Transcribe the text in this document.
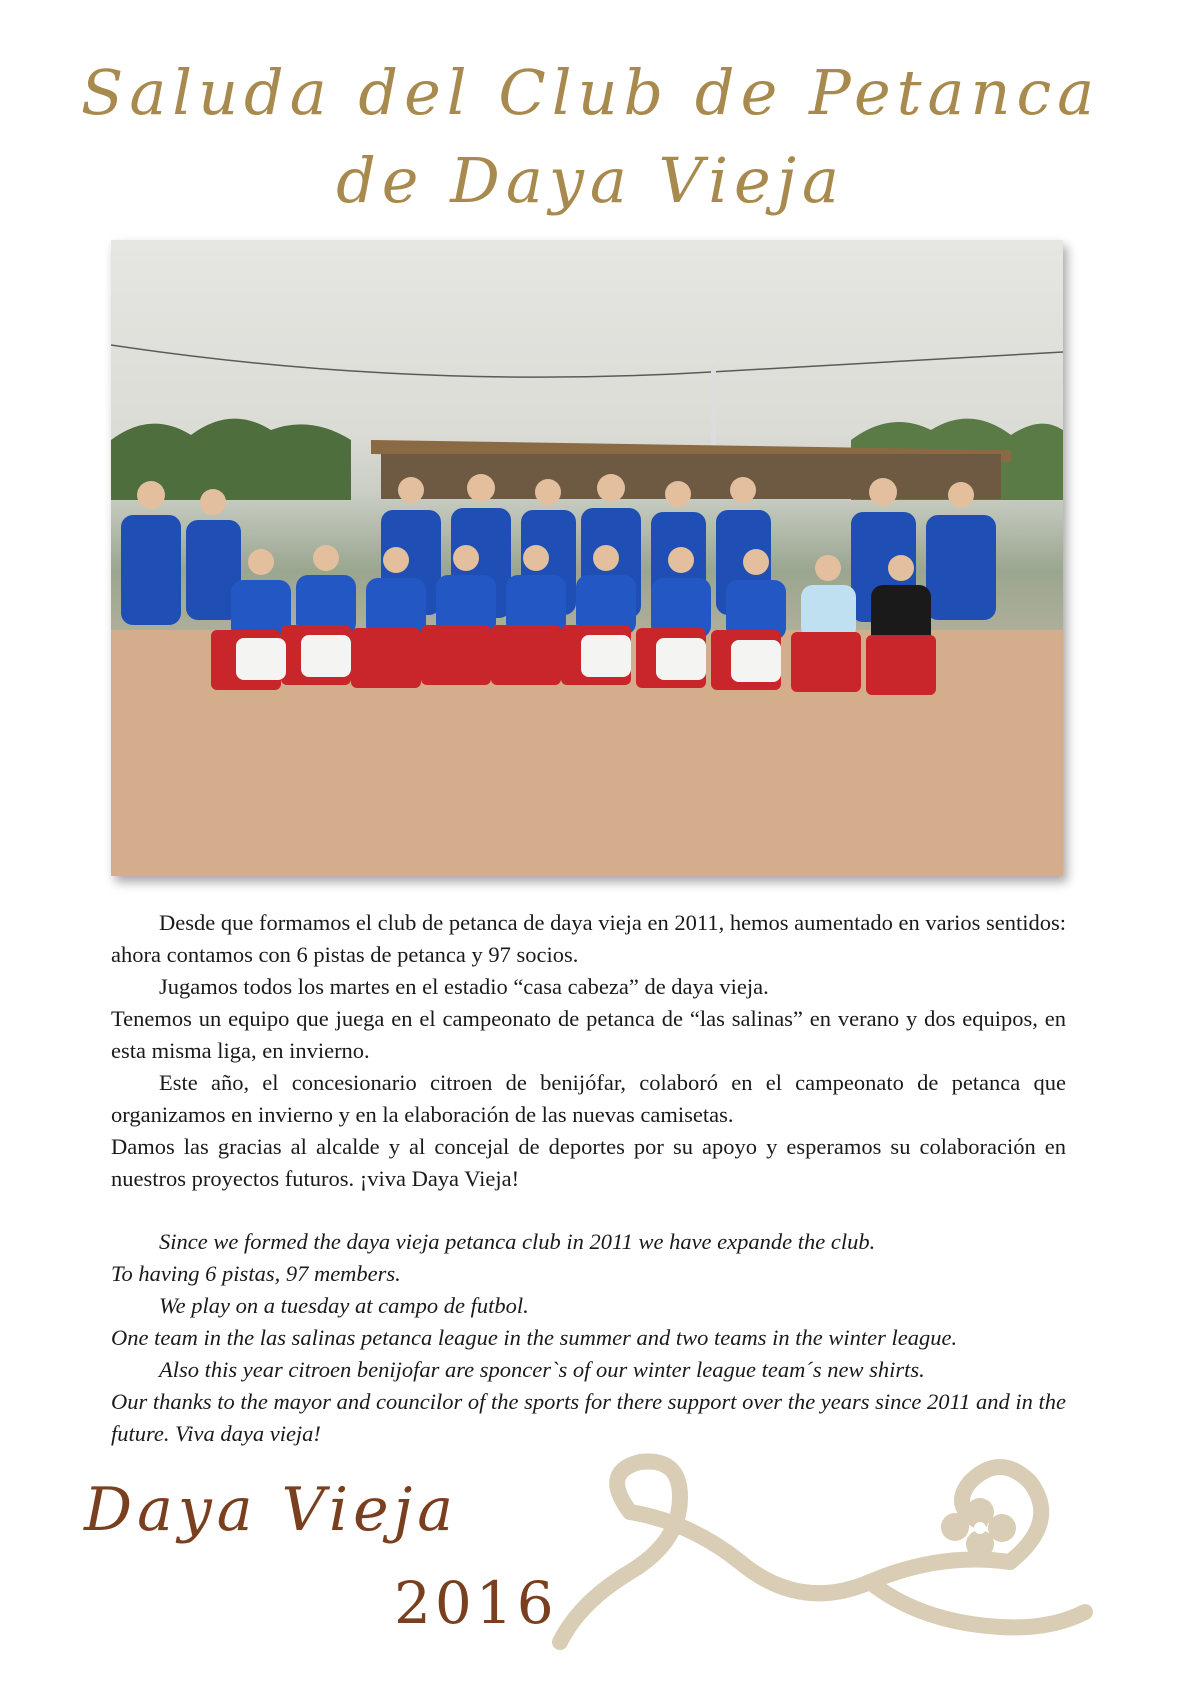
Saluda del Club de Petanca
de Daya Vieja

Desde que formamos el club de petanca de daya vieja en 2011, hemos aumentado en varios sentidos: ahora contamos con 6 pistas de petanca y 97 socios.

Jugamos todos los martes en el estadio “casa cabeza” de daya vieja.

Tenemos un equipo que juega en el campeonato de petanca de “las salinas” en verano y dos equipos, en esta misma liga, en invierno.

Este año, el concesionario citroen de benijófar, colaboró en el campeonato de petanca que organizamos en invierno y en la elaboración de las nuevas camisetas.

Damos las gracias al alcalde y al concejal de deportes por su apoyo y esperamos su colaboración en nuestros proyectos futuros. ¡viva Daya Vieja!

Since we formed the daya vieja petanca club in 2011 we have expande the club.

To having 6 pistas, 97 members.

We play on a tuesday at campo de futbol.

One team in the las salinas petanca league in the summer and two teams in the winter league.

Also this year citroen benijofar are sponcer`s of our winter league team´s new shirts.

Our thanks to the mayor and councilor of the sports for there support over the years since 2011 and in the future. Viva daya vieja!

Daya Vieja
2016
